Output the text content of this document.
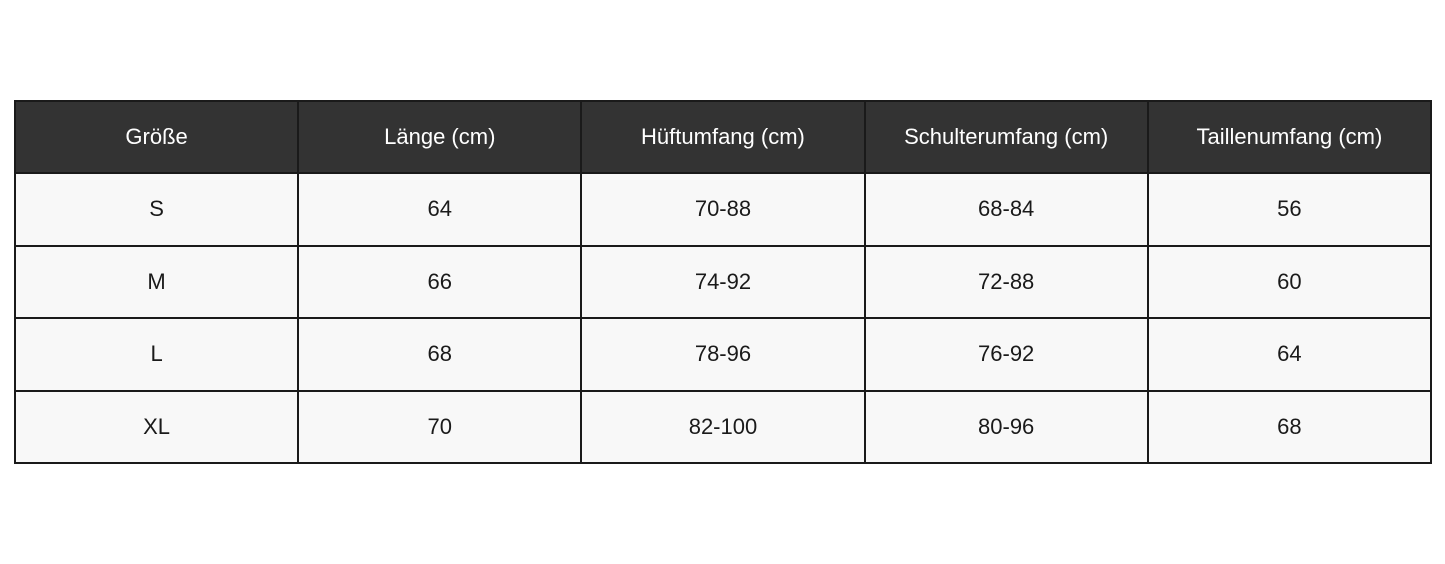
Größe	Länge (cm)	Hüftumfang (cm)	Schulterumfang (cm)	Taillenumfang (cm)
S	64	70-88	68-84	56
M	66	74-92	72-88	60
L	68	78-96	76-92	64
XL	70	82-100	80-96	68
